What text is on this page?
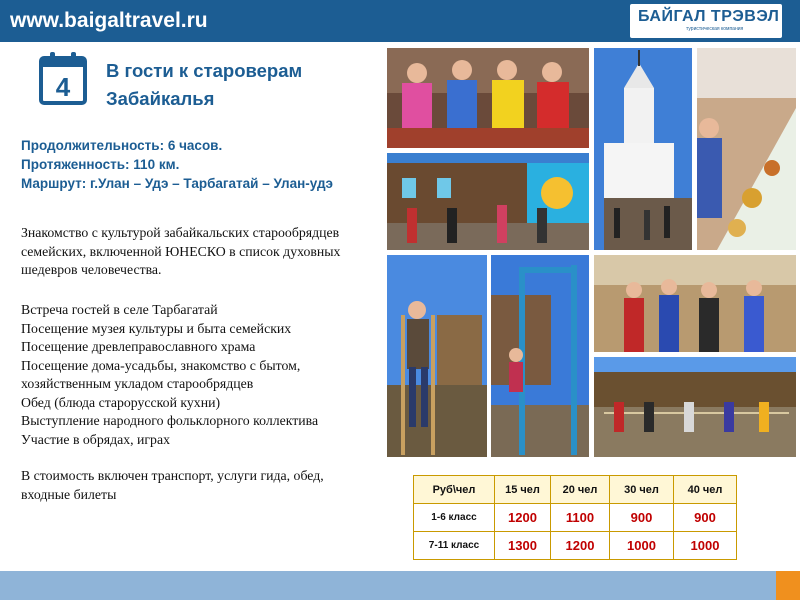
www.baigaltravel.ru	БАЙГАЛ ТРЭВЭЛ
туристическая компания
4
В гости к староверам
Забайкалья
Продолжительность: 6 часов.
Протяженность: 110 км.
Маршрут: г.Улан – Удэ – Тарбагатай – Улан-удэ
Знакомство с культурой забайкальских старообрядцев
семейских, включенной ЮНЕСКО в список духовных
шедевров человечества.
Встреча гостей в селе Тарбагатай
Посещение музея культуры и быта семейских
Посещение древлеправославного храма
Посещение дома-усадьбы, знакомство с бытом,
хозяйственным укладом старообрядцев
Обед (блюда старорусской кухни)
Выступление народного фольклорного коллектива
Участие в обрядах, играх
В стоимость включен транспорт, услуги гида, обед,
входные билеты	Руб\чел	15 чел	20 чел	30 чел	40 чел
1-6 класс	1200	1100	900	900
7-11 класс	1300	1200	1000	1000
